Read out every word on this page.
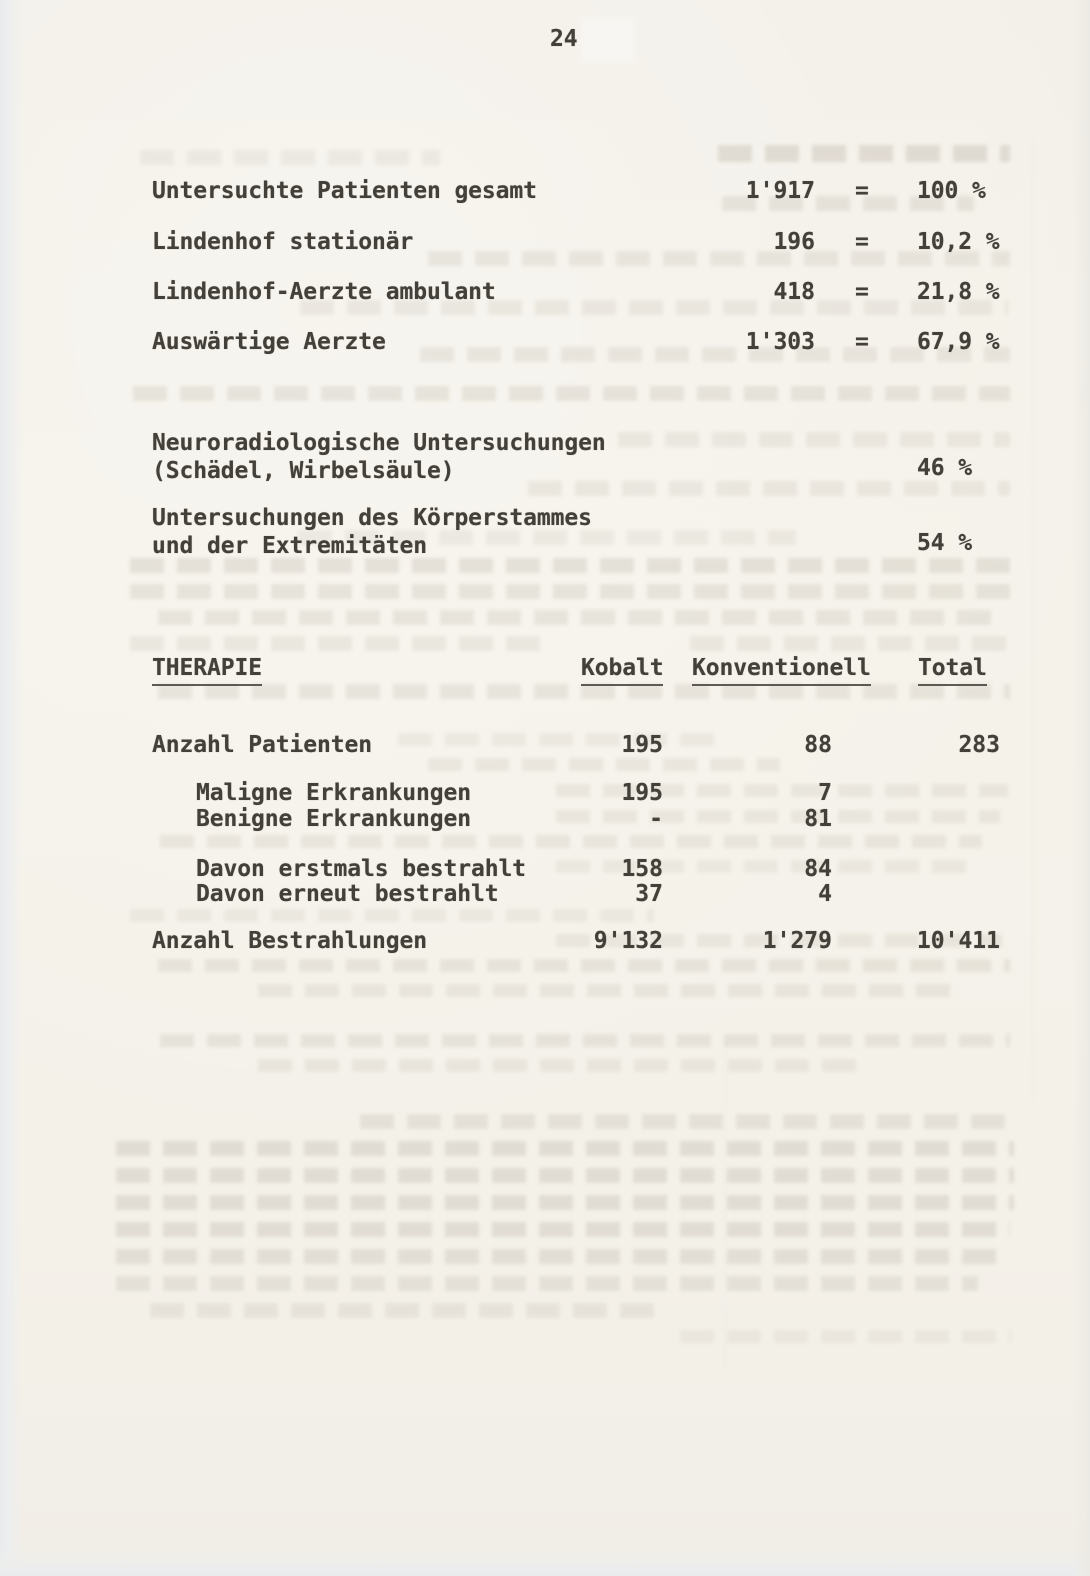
24
Untersuchte Patienten gesamt	1'917 = 100 %
Lindenhof stationär	196 = 10,2 %
Lindenhof-Aerzte ambulant	418 = 21,8 %
Auswärtige Aerzte	1'303 = 67,9 %
Neuroradiologische Untersuchungen
(Schädel, Wirbelsäule)	46 %
Untersuchungen des Körperstammes
und der Extremitäten	54 %
THERAPIE	Kobalt Konventionell Total
Anzahl Patienten	195	88	283
Maligne Erkrankungen	195	7
Benigne Erkrankungen	-	81
Davon erstmals bestrahlt	158	84
Davon erneut bestrahlt	37	4
Anzahl Bestrahlungen	9'132	1'279	10'411
